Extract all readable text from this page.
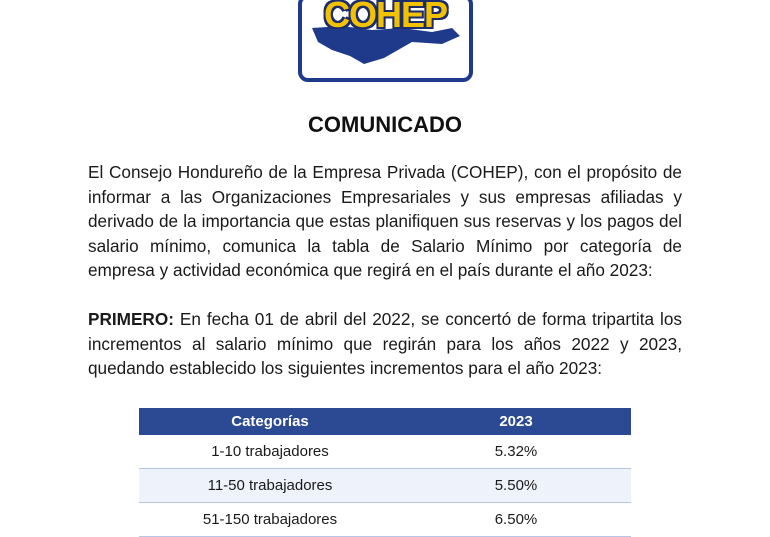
COHEP
COMUNICADO
El Consejo Hondureño de la Empresa Privada (COHEP), con el propósito de informar a las Organizaciones Empresariales y sus empresas afiliadas y derivado de la importancia que estas planifiquen sus reservas y los pagos del salario mínimo, comunica la tabla de Salario Mínimo por categoría de empresa y actividad económica que regirá en el país durante el año 2023:
PRIMERO: En fecha 01 de abril del 2022, se concertó de forma tripartita los incrementos al salario mínimo que regirán para los años 2022 y 2023, quedando establecido los siguientes incrementos para el año 2023:
Categorías	2023
1-10 trabajadores	5.32%
11-50 trabajadores	5.50%
51-150 trabajadores	6.50%
